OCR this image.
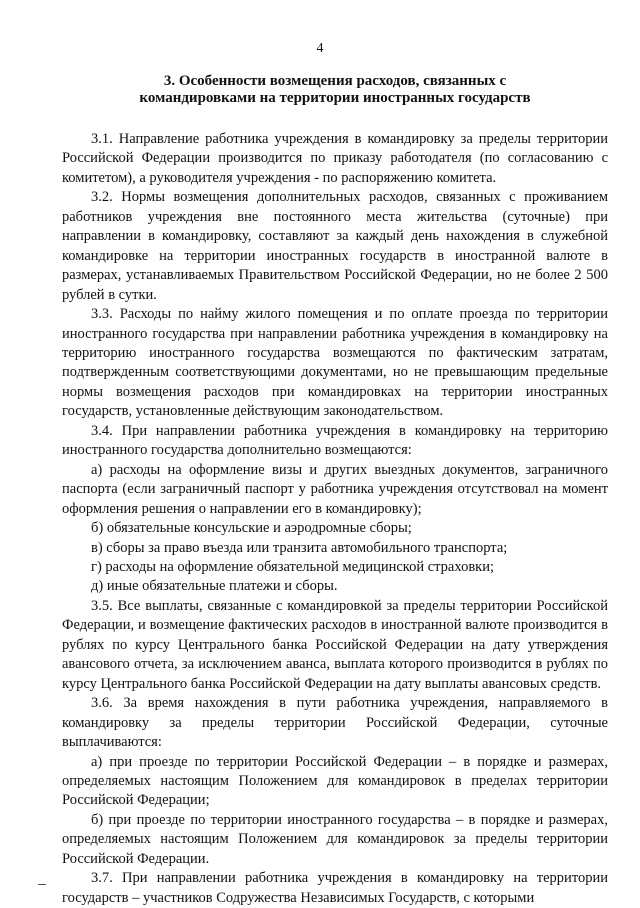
4
3. Особенности возмещения расходов, связанных с
командировками на территории иностранных государств

3.1. Направление работника учреждения в командировку за пределы территории Российской Федерации производится по приказу работодателя (по согласованию с комитетом), а руководителя учреждения - по распоряжению комитета.

3.2. Нормы возмещения дополнительных расходов, связанных с проживанием работников учреждения вне постоянного места жительства (суточные) при направлении в командировку, составляют за каждый день нахождения в служебной командировке на территории иностранных государств в иностранной валюте в размерах, устанавливаемых Правительством Российской Федерации, но не более 2 500 рублей в сутки.

3.3. Расходы по найму жилого помещения и по оплате проезда по территории иностранного государства при направлении работника учреждения в командировку на территорию иностранного государства возмещаются по фактическим затратам, подтвержденным соответствующими документами, но не превышающим предельные нормы возмещения расходов при командировках на территории иностранных государств, установленные действующим законодательством.

3.4. При направлении работника учреждения в командировку на территорию иностранного государства дополнительно возмещаются:

а) расходы на оформление визы и других выездных документов, заграничного паспорта (если заграничный паспорт у работника учреждения отсутствовал на момент оформления решения о направлении его в командировку);

б) обязательные консульские и аэродромные сборы;

в) сборы за право въезда или транзита автомобильного транспорта;

г) расходы на оформление обязательной медицинской страховки;

д) иные обязательные платежи и сборы.

3.5. Все выплаты, связанные с командировкой за пределы территории Российской Федерации, и возмещение фактических расходов в иностранной валюте производится в рублях по курсу Центрального банка Российской Федерации на дату утверждения авансового отчета, за исключением аванса, выплата которого производится в рублях по курсу Центрального банка Российской Федерации на дату выплаты авансовых средств.

3.6. За время нахождения в пути работника учреждения, направляемого в командировку за пределы территории Российской Федерации, суточные выплачиваются:

а) при проезде по территории Российской Федерации – в порядке и размерах, определяемых настоящим Положением для командировок в пределах территории Российской Федерации;

б) при проезде по территории иностранного государства – в порядке и размерах, определяемых настоящим Положением для командировок за пределы территории Российской Федерации.

3.7. При направлении работника учреждения в командировку на территории государств – участников Содружества Независимых Государств, с которыми
